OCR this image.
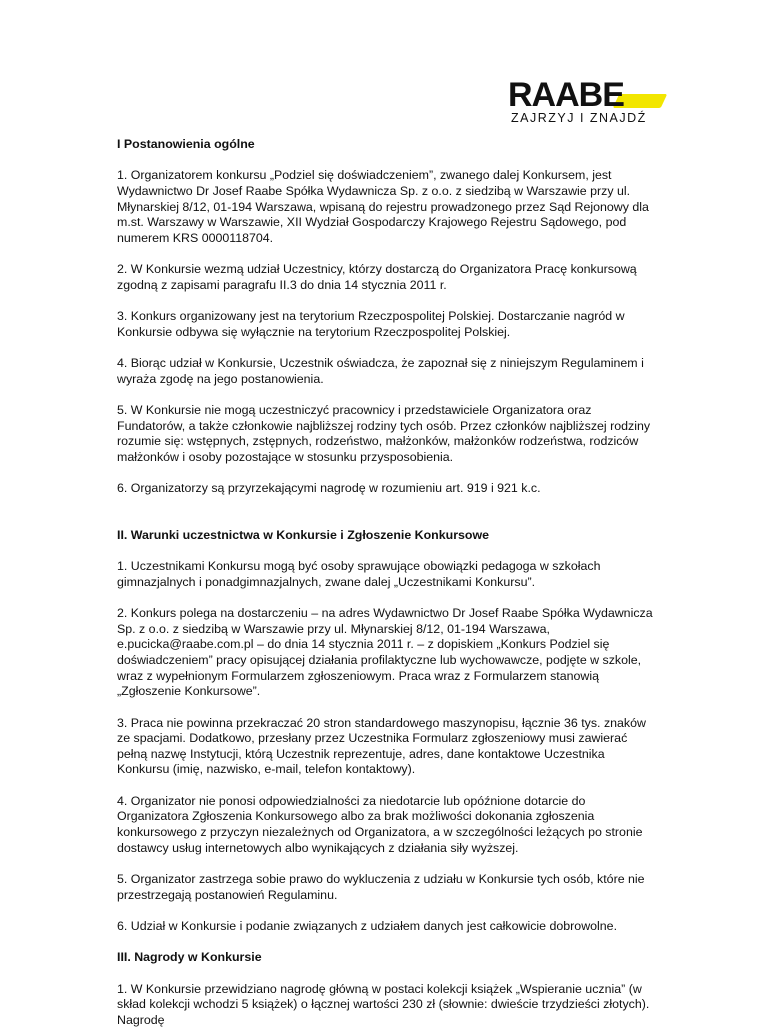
RAABE
ZAJRZYJ I ZNAJDŹ
I Postanowienia ogólne

1. Organizatorem konkursu „Podziel się doświadczeniem”, zwanego dalej Konkursem, jest Wydawnictwo Dr Josef Raabe Spółka Wydawnicza Sp. z o.o. z siedzibą w Warszawie przy ul. Młynarskiej 8/12, 01-194 Warszawa, wpisaną do rejestru prowadzonego przez Sąd Rejonowy dla m.st. Warszawy w Warszawie, XII Wydział Gospodarczy Krajowego Rejestru Sądowego, pod numerem KRS 0000118704.

2. W Konkursie wezmą udział Uczestnicy, którzy dostarczą do Organizatora Pracę konkursową zgodną z zapisami paragrafu II.3 do dnia 14 stycznia 2011 r.

3. Konkurs organizowany jest na terytorium Rzeczpospolitej Polskiej. Dostarczanie nagród w Konkursie odbywa się wyłącznie na terytorium Rzeczpospolitej Polskiej.

4. Biorąc udział w Konkursie, Uczestnik oświadcza, że zapoznał się z niniejszym Regulaminem i wyraża zgodę na jego postanowienia.

5. W Konkursie nie mogą uczestniczyć pracownicy i przedstawiciele Organizatora oraz Fundatorów, a także członkowie najbliższej rodziny tych osób. Przez członków najbliższej rodziny rozumie się: wstępnych, zstępnych, rodzeństwo, małżonków, małżonków rodzeństwa, rodziców małżonków i osoby pozostające w stosunku przysposobienia.

6. Organizatorzy są przyrzekającymi nagrodę w rozumieniu art. 919 i 921 k.c.

II. Warunki uczestnictwa w Konkursie i Zgłoszenie Konkursowe

1. Uczestnikami Konkursu mogą być osoby sprawujące obowiązki pedagoga w szkołach gimnazjalnych i ponadgimnazjalnych, zwane dalej „Uczestnikami Konkursu”.

2. Konkurs polega na dostarczeniu – na adres Wydawnictwo Dr Josef Raabe Spółka Wydawnicza Sp. z o.o. z siedzibą w Warszawie przy ul. Młynarskiej 8/12, 01-194 Warszawa, e.pucicka@raabe.com.pl – do dnia 14 stycznia 2011 r. – z dopiskiem „Konkurs Podziel się doświadczeniem” pracy opisującej działania profilaktyczne lub wychowawcze, podjęte w szkole, wraz z wypełnionym Formularzem zgłoszeniowym. Praca wraz z Formularzem stanowią „Zgłoszenie Konkursowe”.

3. Praca nie powinna przekraczać 20 stron standardowego maszynopisu, łącznie 36 tys. znaków ze spacjami. Dodatkowo, przesłany przez Uczestnika Formularz zgłoszeniowy musi zawierać pełną nazwę Instytucji, którą Uczestnik reprezentuje, adres, dane kontaktowe Uczestnika Konkursu (imię, nazwisko, e-mail, telefon kontaktowy).

4. Organizator nie ponosi odpowiedzialności za niedotarcie lub opóźnione dotarcie do Organizatora Zgłoszenia Konkursowego albo za brak możliwości dokonania zgłoszenia konkursowego z przyczyn niezależnych od Organizatora, a w szczególności leżących po stronie dostawcy usług internetowych albo wynikających z działania siły wyższej.

5. Organizator zastrzega sobie prawo do wykluczenia z udziału w Konkursie tych osób, które nie przestrzegają postanowień Regulaminu.

6. Udział w Konkursie i podanie związanych z udziałem danych jest całkowicie dobrowolne.

III. Nagrody w Konkursie

1. W Konkursie przewidziano nagrodę główną w postaci kolekcji książek „Wspieranie ucznia” (w skład kolekcji wchodzi 5 książek) o łącznej wartości 230 zł (słownie: dwieście trzydzieści złotych). Nagrodę
